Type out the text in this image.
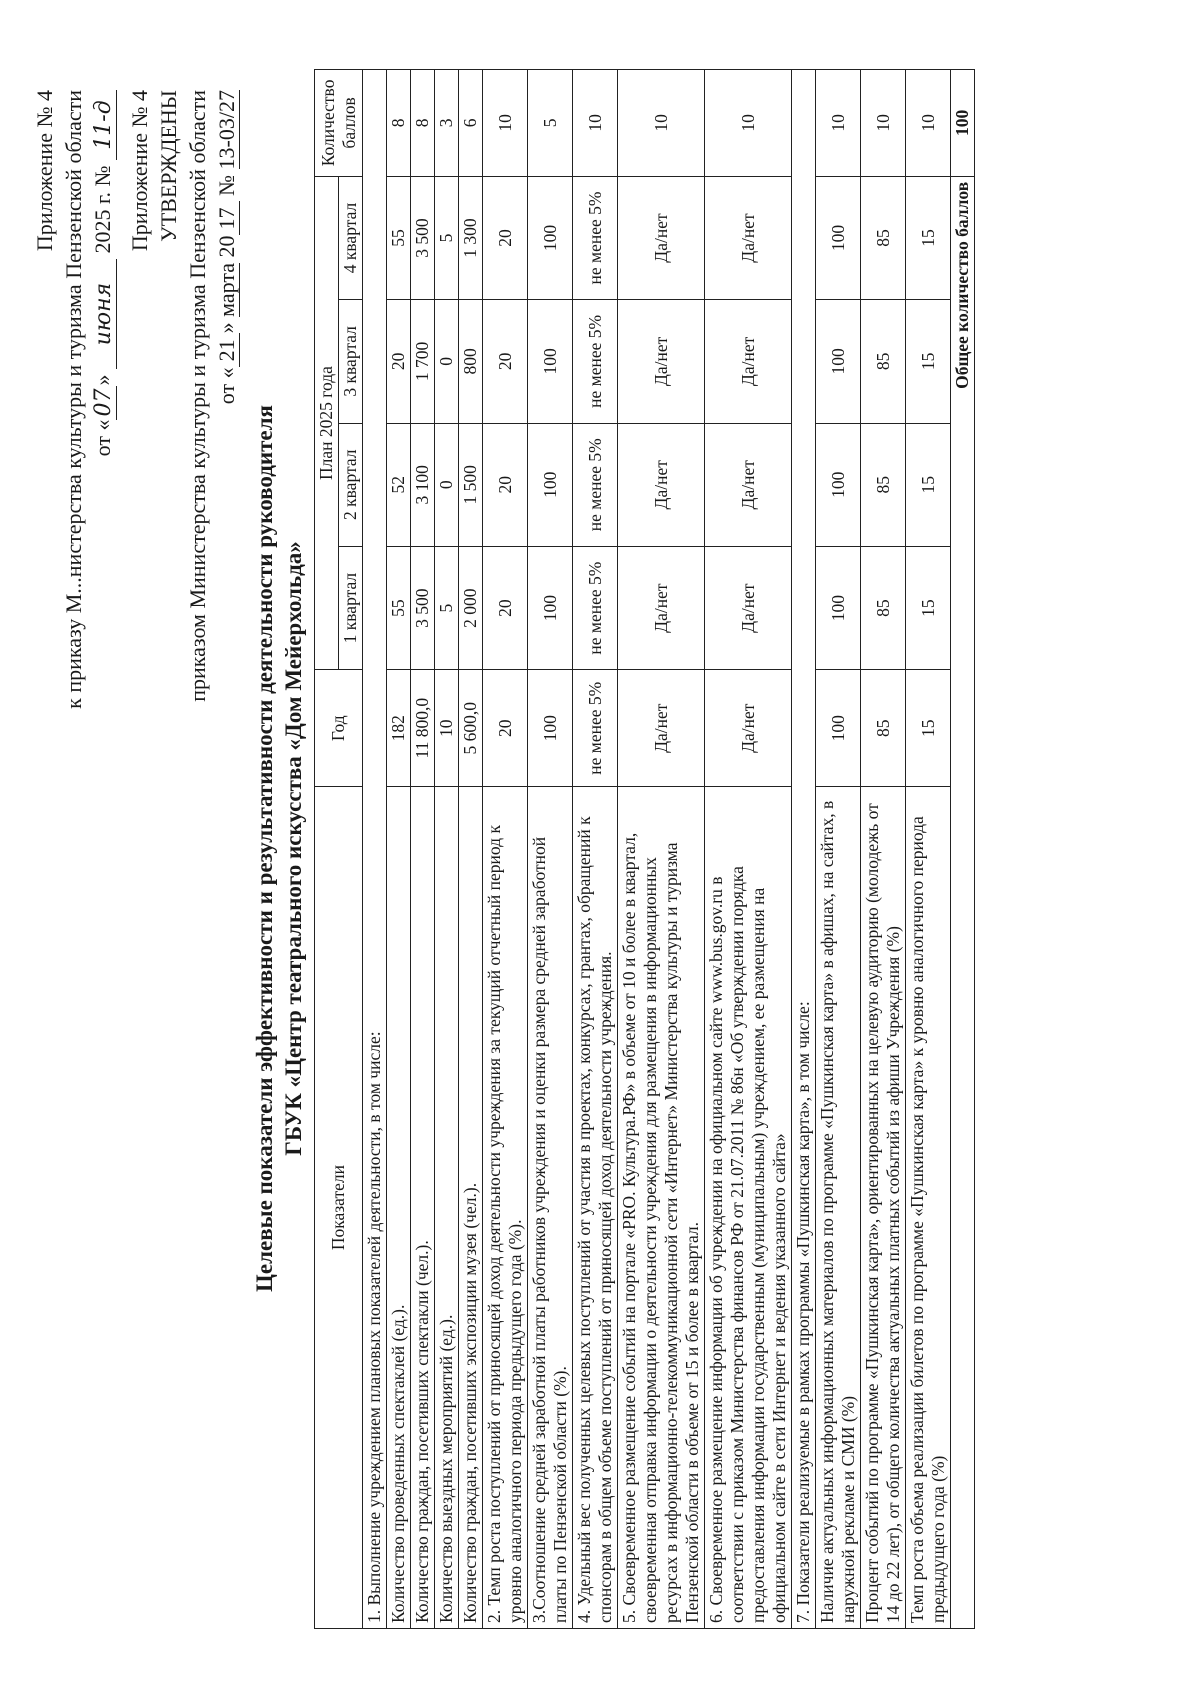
Приложение № 4 к приказу М...нистерства культуры и туризма Пензенской области от «07» июня 2025 г. № 11-д Приложение № 4 УТВЕРЖДЕНЫ приказом Министерства культуры и туризма Пензенской области от «21» марта 2017 № 13-03/27
Целевые показатели эффективности и результативности деятельности руководителя ГБУК «Центр театрального искусства «Дом Мейерхольда»
Показатели	Год	План 2025 года				Количество баллов
		1 квартал	2 квартал	3 квартал	4 квартал	
1. Выполнение учреждением плановых показателей деятельности, в том числе:						
Количество проведенных спектаклей (ед.).	182	55	52	20	55	8
Количество граждан, посетивших спектакли (чел.).	11 800,0	3 500	3 100	1 700	3 500	8
Количество выездных мероприятий (ед.).	10	5	0	0	5	3
Количество граждан, посетивших экспозиции музея (чел.).	5 600,0	2 000	1 500	800	1 300	6
2. Темп роста поступлений от приносящей доход деятельности учреждения за текущий отчетный период к уровню аналогичного периода предыдущего года (%).	20	20	20	20	20	10
3.Соотношение средней заработной платы работников учреждения и оценки размера средней заработной платы по Пензенской области (%).	100	100	100	100	100	5
4. Удельный вес полученных целевых поступлений от участия в проектах, конкурсах, грантах, обращений к спонсорам в общем объеме поступлений от приносящей доход деятельности учреждения.	не менее 5%	не менее 5%	не менее 5%	не менее 5%	не менее 5%	10
5. Своевременное размещение событий на портале «PRO. Культура.РФ» в объеме от 10 и более в квартал, своевременная отправка информации о деятельности учреждения для размещения в информационных ресурсах в информационно-телекоммуникационной сети «Интернет» Министерства культуры и туризма Пензенской области в объеме от 15 и более в квартал.	Да/нет	Да/нет	Да/нет	Да/нет	Да/нет	10
6. Своевременное размещение информации об учреждении на официальном сайте www.bus.gov.ru в соответствии с приказом Министерства финансов РФ от 21.07.2011 № 86н «Об утверждении порядка предоставления информации государственным (муниципальным) учреждением, ее размещения на официальном сайте в сети Интернет и ведения указанного сайта»	Да/нет	Да/нет	Да/нет	Да/нет	Да/нет	10
7. Показатели реализуемые в рамках программы «Пушкинская карта», в том числе:						
Наличие актуальных информационных материалов по программе «Пушкинская карта» в афишах, на сайтах, в наружной рекламе и СМИ (%)	100	100	100	100	100	10
Процент событий по программе «Пушкинская карта», ориентированных на целевую аудиторию (молодежь от 14 до 22 лет), от общего количества актуальных платных событий из афиши Учреждения (%)	85	85	85	85	85	10
Темп роста объема реализации билетов по программе «Пушкинская карта» к уровню аналогичного периода предыдущего года (%)	15	15	15	15	15	10
Общее количество баллов						100
